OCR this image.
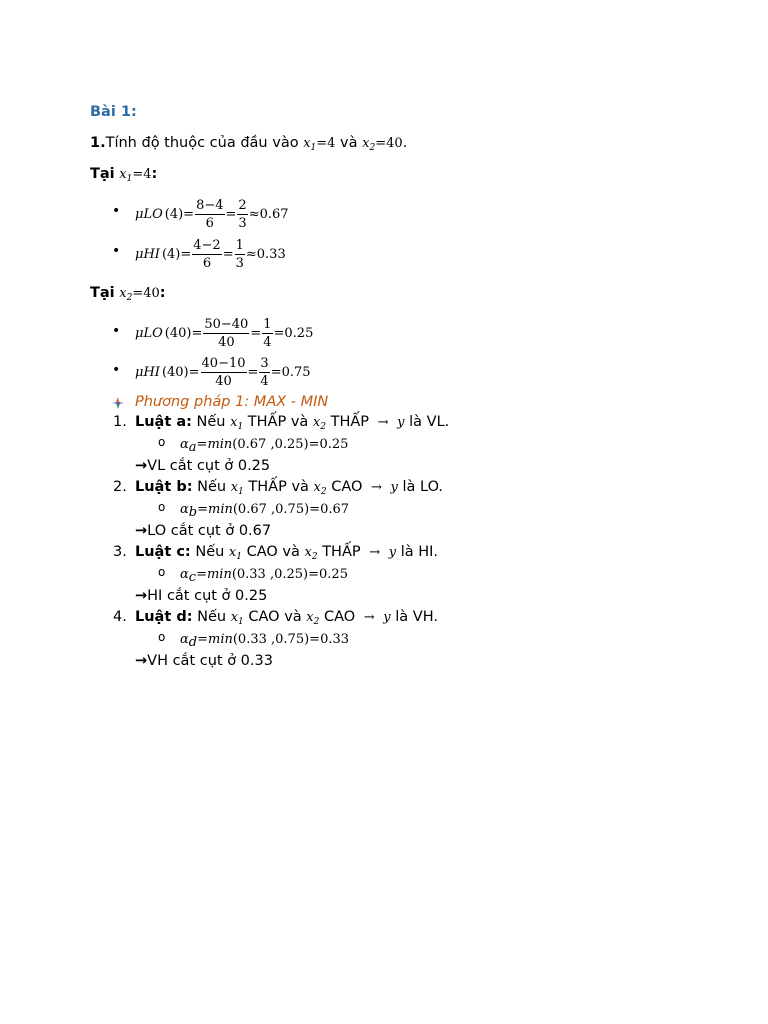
Bài 1:
1.Tính độ thuộc của đầu vào $x_1=4$ và $x_2=40$.
Tại $x_1=4$:
• μ LO $(4) = \frac{8-4}{6} = \frac{2}{3} \approx 0.67$
• μ HI $(4) = \frac{4-2}{6} = \frac{1}{3} \approx 0.33$
Tại $x_2=40$:
• μ LO $(40) = \frac{50-40}{40} = \frac{1}{4} =0.25$
• μ HI $(40) = \frac{40-10}{40} = \frac{3}{4} =0.75$
Phương pháp 1: MAX - MIN
1. Luật a: Nếu $x_1$ THẤP và $x_2$ THẤP → y là VL.
o $\alpha_a=\min(0.67$ ,0.25)=0.25
→VL cắt cụt ở 0.25
2. Luật b: Nếu $x_1$ THẤP và $x_2$ CAO → y là LO.
o $\alpha_b=\min(0.67$ ,0.75)=0.67
→LO cắt cụt ở 0.67
3. Luật c: Nếu $x_1$ CAO và $x_2$ THẤP → y là HI.
o $\alpha_c=\min(0.33$ ,0.25)=0.25
→HI cắt cụt ở 0.25
4. Luật d: Nếu $x_1$ CAO và $x_2$ CAO → y là VH.
o $\alpha_d=\min(0.33$ ,0.75)=0.33
→VH cắt cụt ở 0.33
